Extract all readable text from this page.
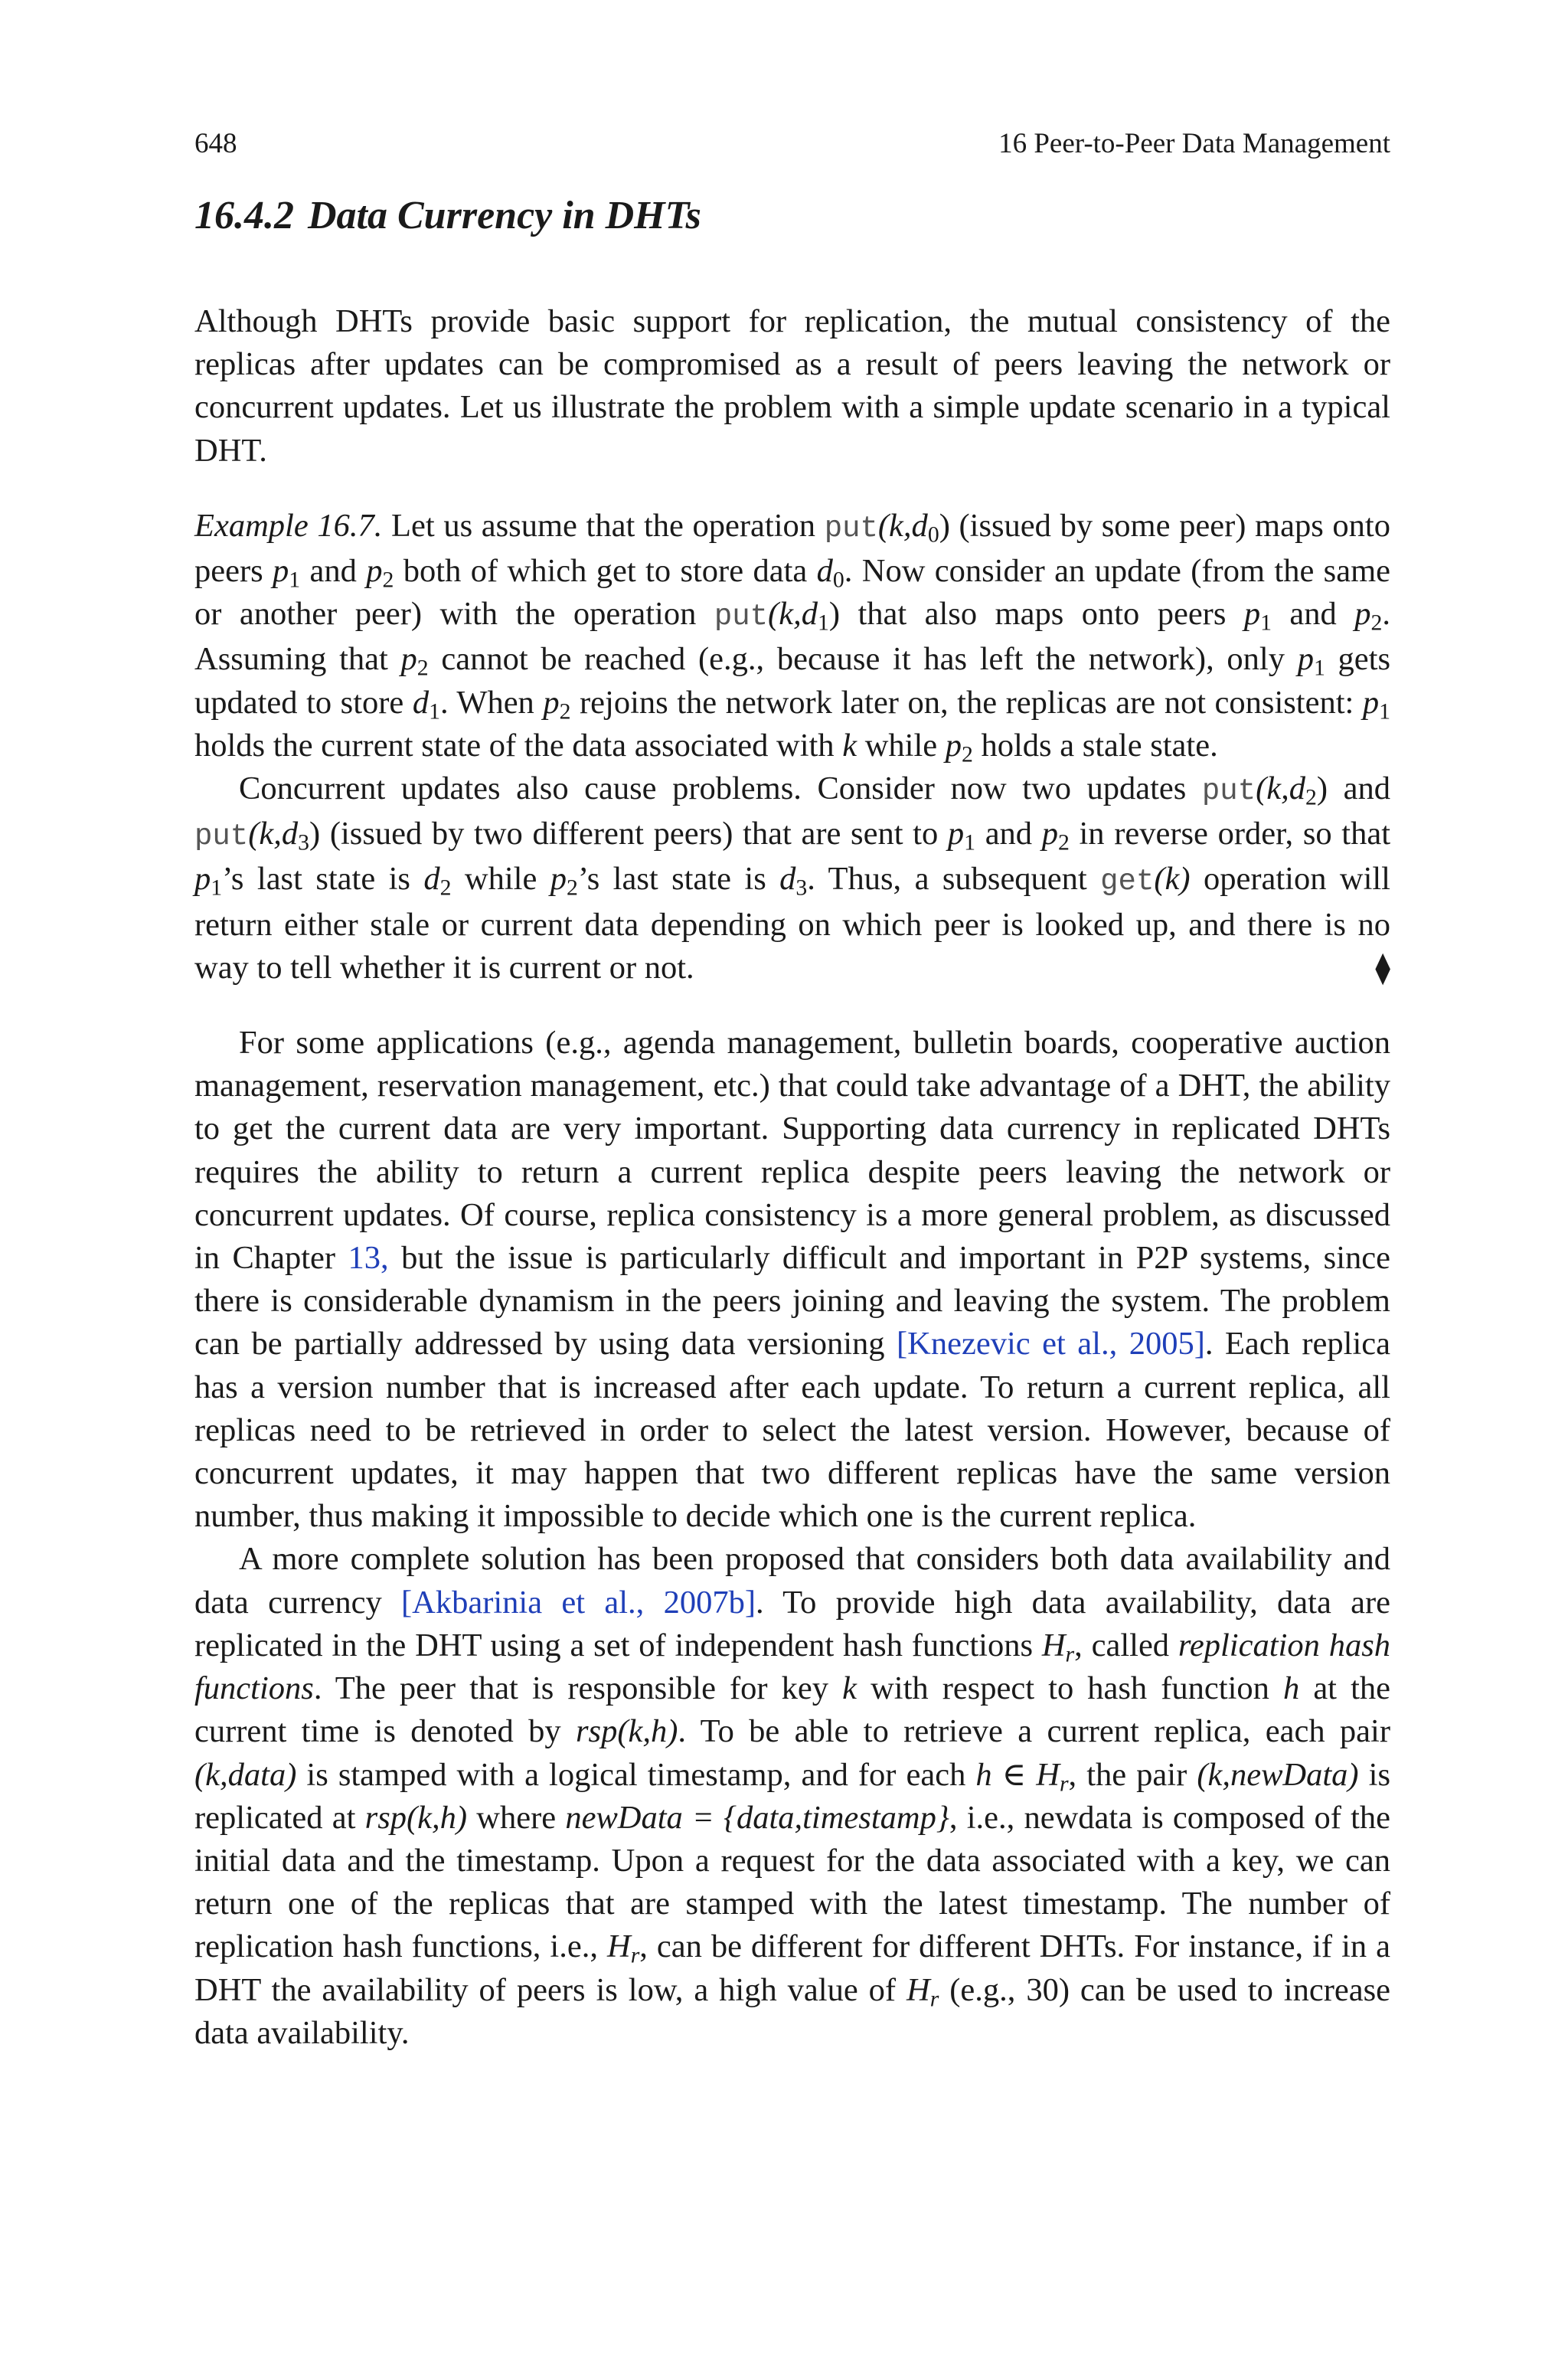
648	16 Peer-to-Peer Data Management
16.4.2 Data Currency in DHTs

Although DHTs provide basic support for replication, the mutual consistency of the replicas after updates can be compromised as a result of peers leaving the network or concurrent updates. Let us illustrate the problem with a simple update scenario in a typical DHT.

Example 16.7. Let us assume that the operation $put(k,d_0)$ (issued by some peer) maps onto peers $p_1$ and $p_2$ both of which get to store data $d_0$. Now consider an update (from the same or another peer) with the operation $put(k,d_1)$ that also maps onto peers $p_1$ and $p_2$. Assuming that $p_2$ cannot be reached (e.g., because it has left the network), only $p_1$ gets updated to store $d_1$. When $p_2$ rejoins the network later on, the replicas are not consistent: $p_1$ holds the current state of the data associated with k while $p_2$ holds a stale state.

Concurrent updates also cause problems. Consider now two updates $put(k,d_2)$ and $put(k,d_3)$ (issued by two different peers) that are sent to $p_1$ and $p_2$ in reverse order, so that $p_1’s$ last state is $d_2$ while $p_2’s$ last state is $d_3$. Thus, a subsequent get(k) operation will return either stale or current data depending on which peer is looked up, and there is no way to tell whether it is current or not.	⧫

For some applications (e.g., agenda management, bulletin boards, cooperative auction management, reservation management, etc.) that could take advantage of a DHT, the ability to get the current data are very important. Supporting data currency in replicated DHTs requires the ability to return a current replica despite peers leaving the network or concurrent updates. Of course, replica consistency is a more general problem, as discussed in Chapter 13, but the issue is particularly difficult and important in P2P systems, since there is considerable dynamism in the peers joining and leaving the system. The problem can be partially addressed by using data versioning [Knezevic et al., 2005]. Each replica has a version number that is increased after each update. To return a current replica, all replicas need to be retrieved in order to select the latest version. However, because of concurrent updates, it may happen that two different replicas have the same version number, thus making it impossible to decide which one is the current replica.

A more complete solution has been proposed that considers both data availability and data currency [Akbarinia et al., 2007b]. To provide high data availability, data are replicated in the DHT using a set of independent hash functions $H_r$, called replication hash functions. The peer that is responsible for key k with respect to hash function h at the current time is denoted by rsp(k,h). To be able to retrieve a current replica, each pair (k,data) is stamped with a logical timestamp, and for each h ∈ $H_r$, the pair (k,newData) is replicated at rsp(k,h) where newData = {data,timestamp}, i.e., newdata is composed of the initial data and the timestamp. Upon a request for the data associated with a key, we can return one of the replicas that are stamped with the latest timestamp. The number of replication hash functions, i.e., $H_r$, can be different for different DHTs. For instance, if in a DHT the availability of peers is low, a high value of $H_r$ (e.g., 30) can be used to increase data availability.
